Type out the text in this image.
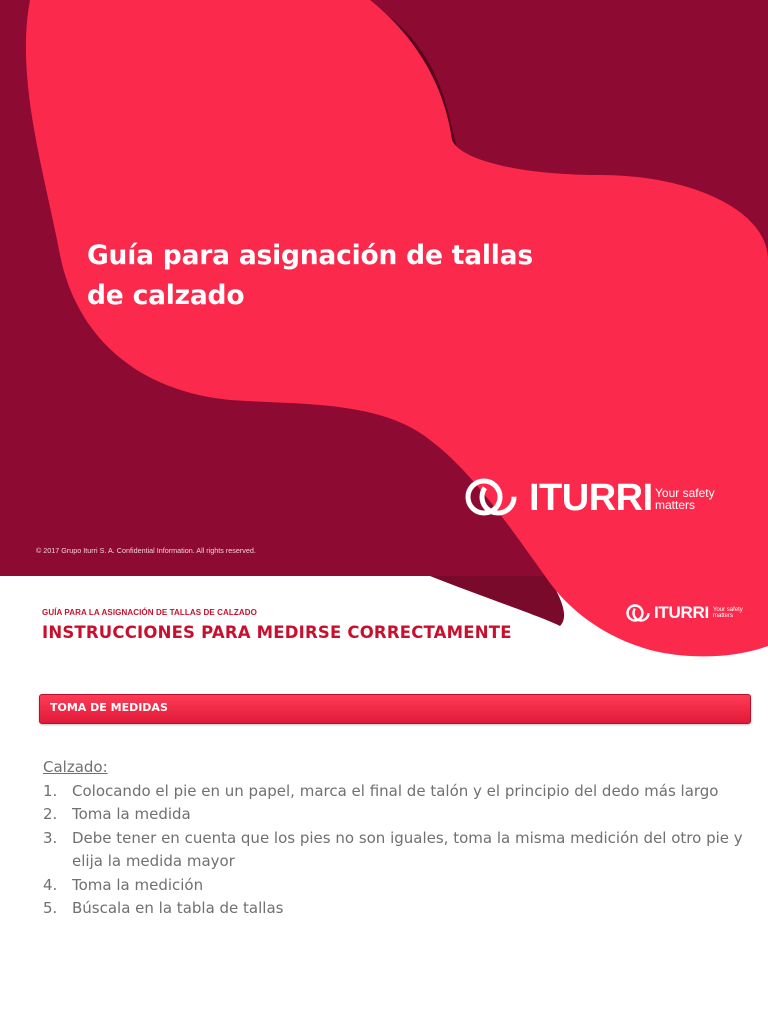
Guía para asignación de tallas
de calzado
ITURRI Your safety
matters
© 2017 Grupo Iturri S. A. Confidential Information. All rights reserved.
GUÍA PARA LA ASIGNACIÓN DE TALLAS DE CALZADO
INSTRUCCIONES PARA MEDIRSE CORRECTAMENTE
ITURRI Your safety
matters
TOMA DE MEDIDAS
Calzado:
1. Colocando el pie en un papel, marca el final de talón y el principio del dedo más largo
2. Toma la medida
3. Debe tener en cuenta que los pies no son iguales, toma la misma medición del otro pie y elija la medida mayor
4. Toma la medición
5. Búscala en la tabla de tallas
